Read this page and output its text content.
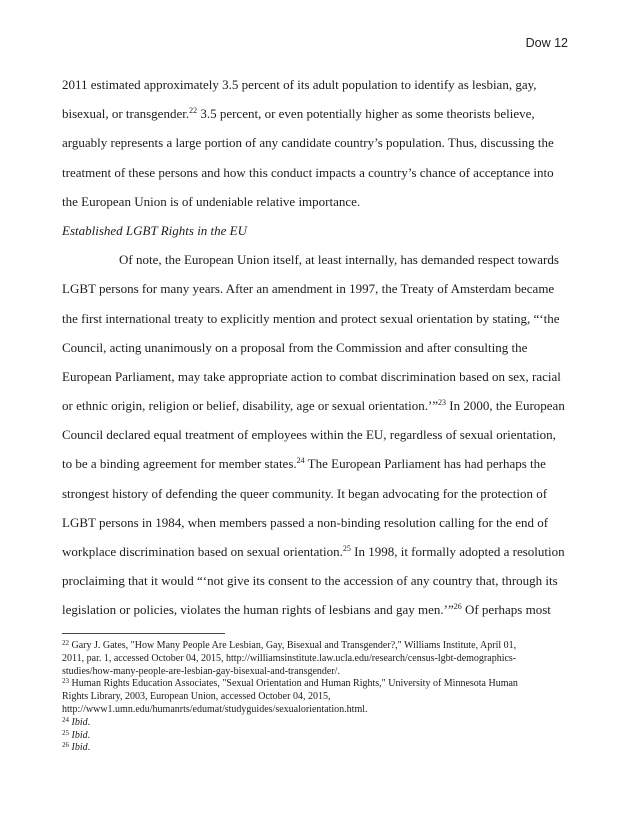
Dow 12
2011 estimated approximately 3.5 percent of its adult population to identify as lesbian, gay,
bisexual, or transgender.$^{22}$ 3.5 percent, or even potentially higher as some theorists believe,
arguably represents a large portion of any candidate country’s population. Thus, discussing the
treatment of these persons and how this conduct impacts a country’s chance of acceptance into
the European Union is of undeniable relative importance.
Established LGBT Rights in the EU
Of note, the European Union itself, at least internally, has demanded respect towards
LGBT persons for many years. After an amendment in 1997, the Treaty of Amsterdam became
the first international treaty to explicitly mention and protect sexual orientation by stating, “‘the
Council, acting unanimously on a proposal from the Commission and after consulting the
European Parliament, may take appropriate action to combat discrimination based on sex, racial
or ethnic origin, religion or belief, disability, age or sexual orientation.’”$^{23}$ In 2000, the European
Council declared equal treatment of employees within the EU, regardless of sexual orientation,
to be a binding agreement for member states.$^{24}$ The European Parliament has had perhaps the
strongest history of defending the queer community. It began advocating for the protection of
LGBT persons in 1984, when members passed a non-binding resolution calling for the end of
workplace discrimination based on sexual orientation.$^{25}$ In 1998, it formally adopted a resolution
proclaiming that it would “‘not give its consent to the accession of any country that, through its
legislation or policies, violates the human rights of lesbians and gay men.’”$^{26}$ Of perhaps most
$^{22}$ Gary J. Gates, "How Many People Are Lesbian, Gay, Bisexual and Transgender?," Williams Institute, April 01,
2011, par. 1, accessed October 04, 2015, http://williamsinstitute.law.ucla.edu/research/census-lgbt-demographics-
studies/how-many-people-are-lesbian-gay-bisexual-and-transgender/.
$^{23}$ Human Rights Education Associates, "Sexual Orientation and Human Rights," University of Minnesota Human
Rights Library, 2003, European Union, accessed October 04, 2015,
http://www1.umn.edu/humanrts/edumat/studyguides/sexualorientation.html.
$^{24}$ Ibid.
$^{25}$ Ibid.
$^{26}$ Ibid.
